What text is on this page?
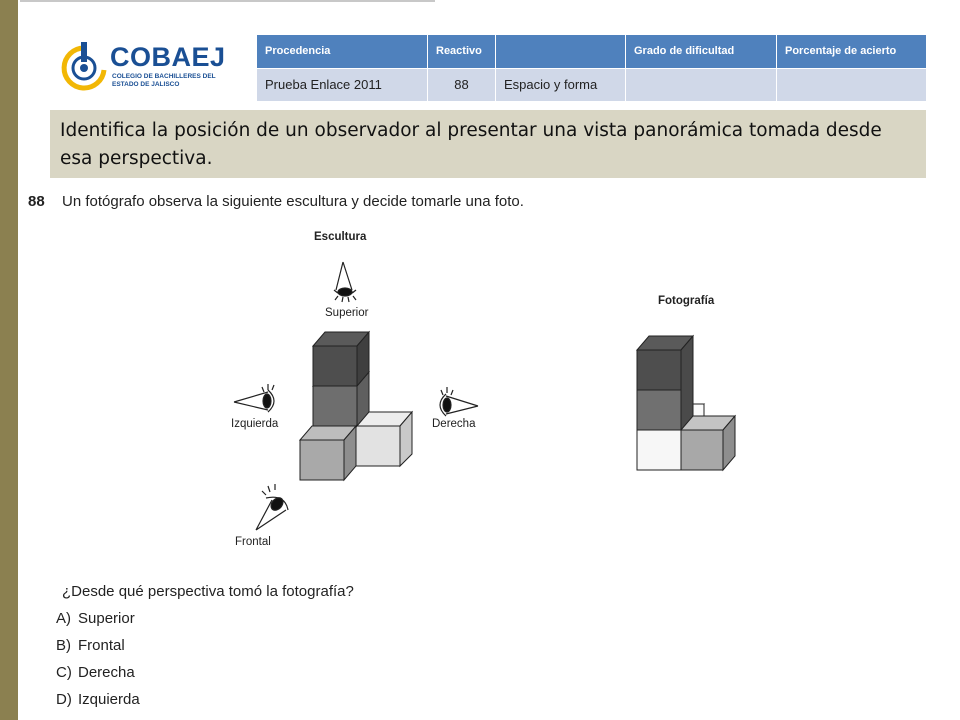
COBAEJ
COLEGIO DE BACHILLERES DEL ESTADO DE JALISCO
Procedencia	Reactivo		Grado de dificultad	Porcentaje de acierto
Prueba Enlace 2011	88	Espacio y forma		
Identifica la posición de un observador al presentar una vista panorámica tomada desde esa perspectiva.
88 Un fotógrafo observa la siguiente escultura y decide tomarle una foto.
Escultura
Superior
Izquierda	Derecha
Frontal
Fotografía
¿Desde qué perspectiva tomó la fotografía?
A) Superior
B) Frontal
C) Derecha
D) Izquierda
